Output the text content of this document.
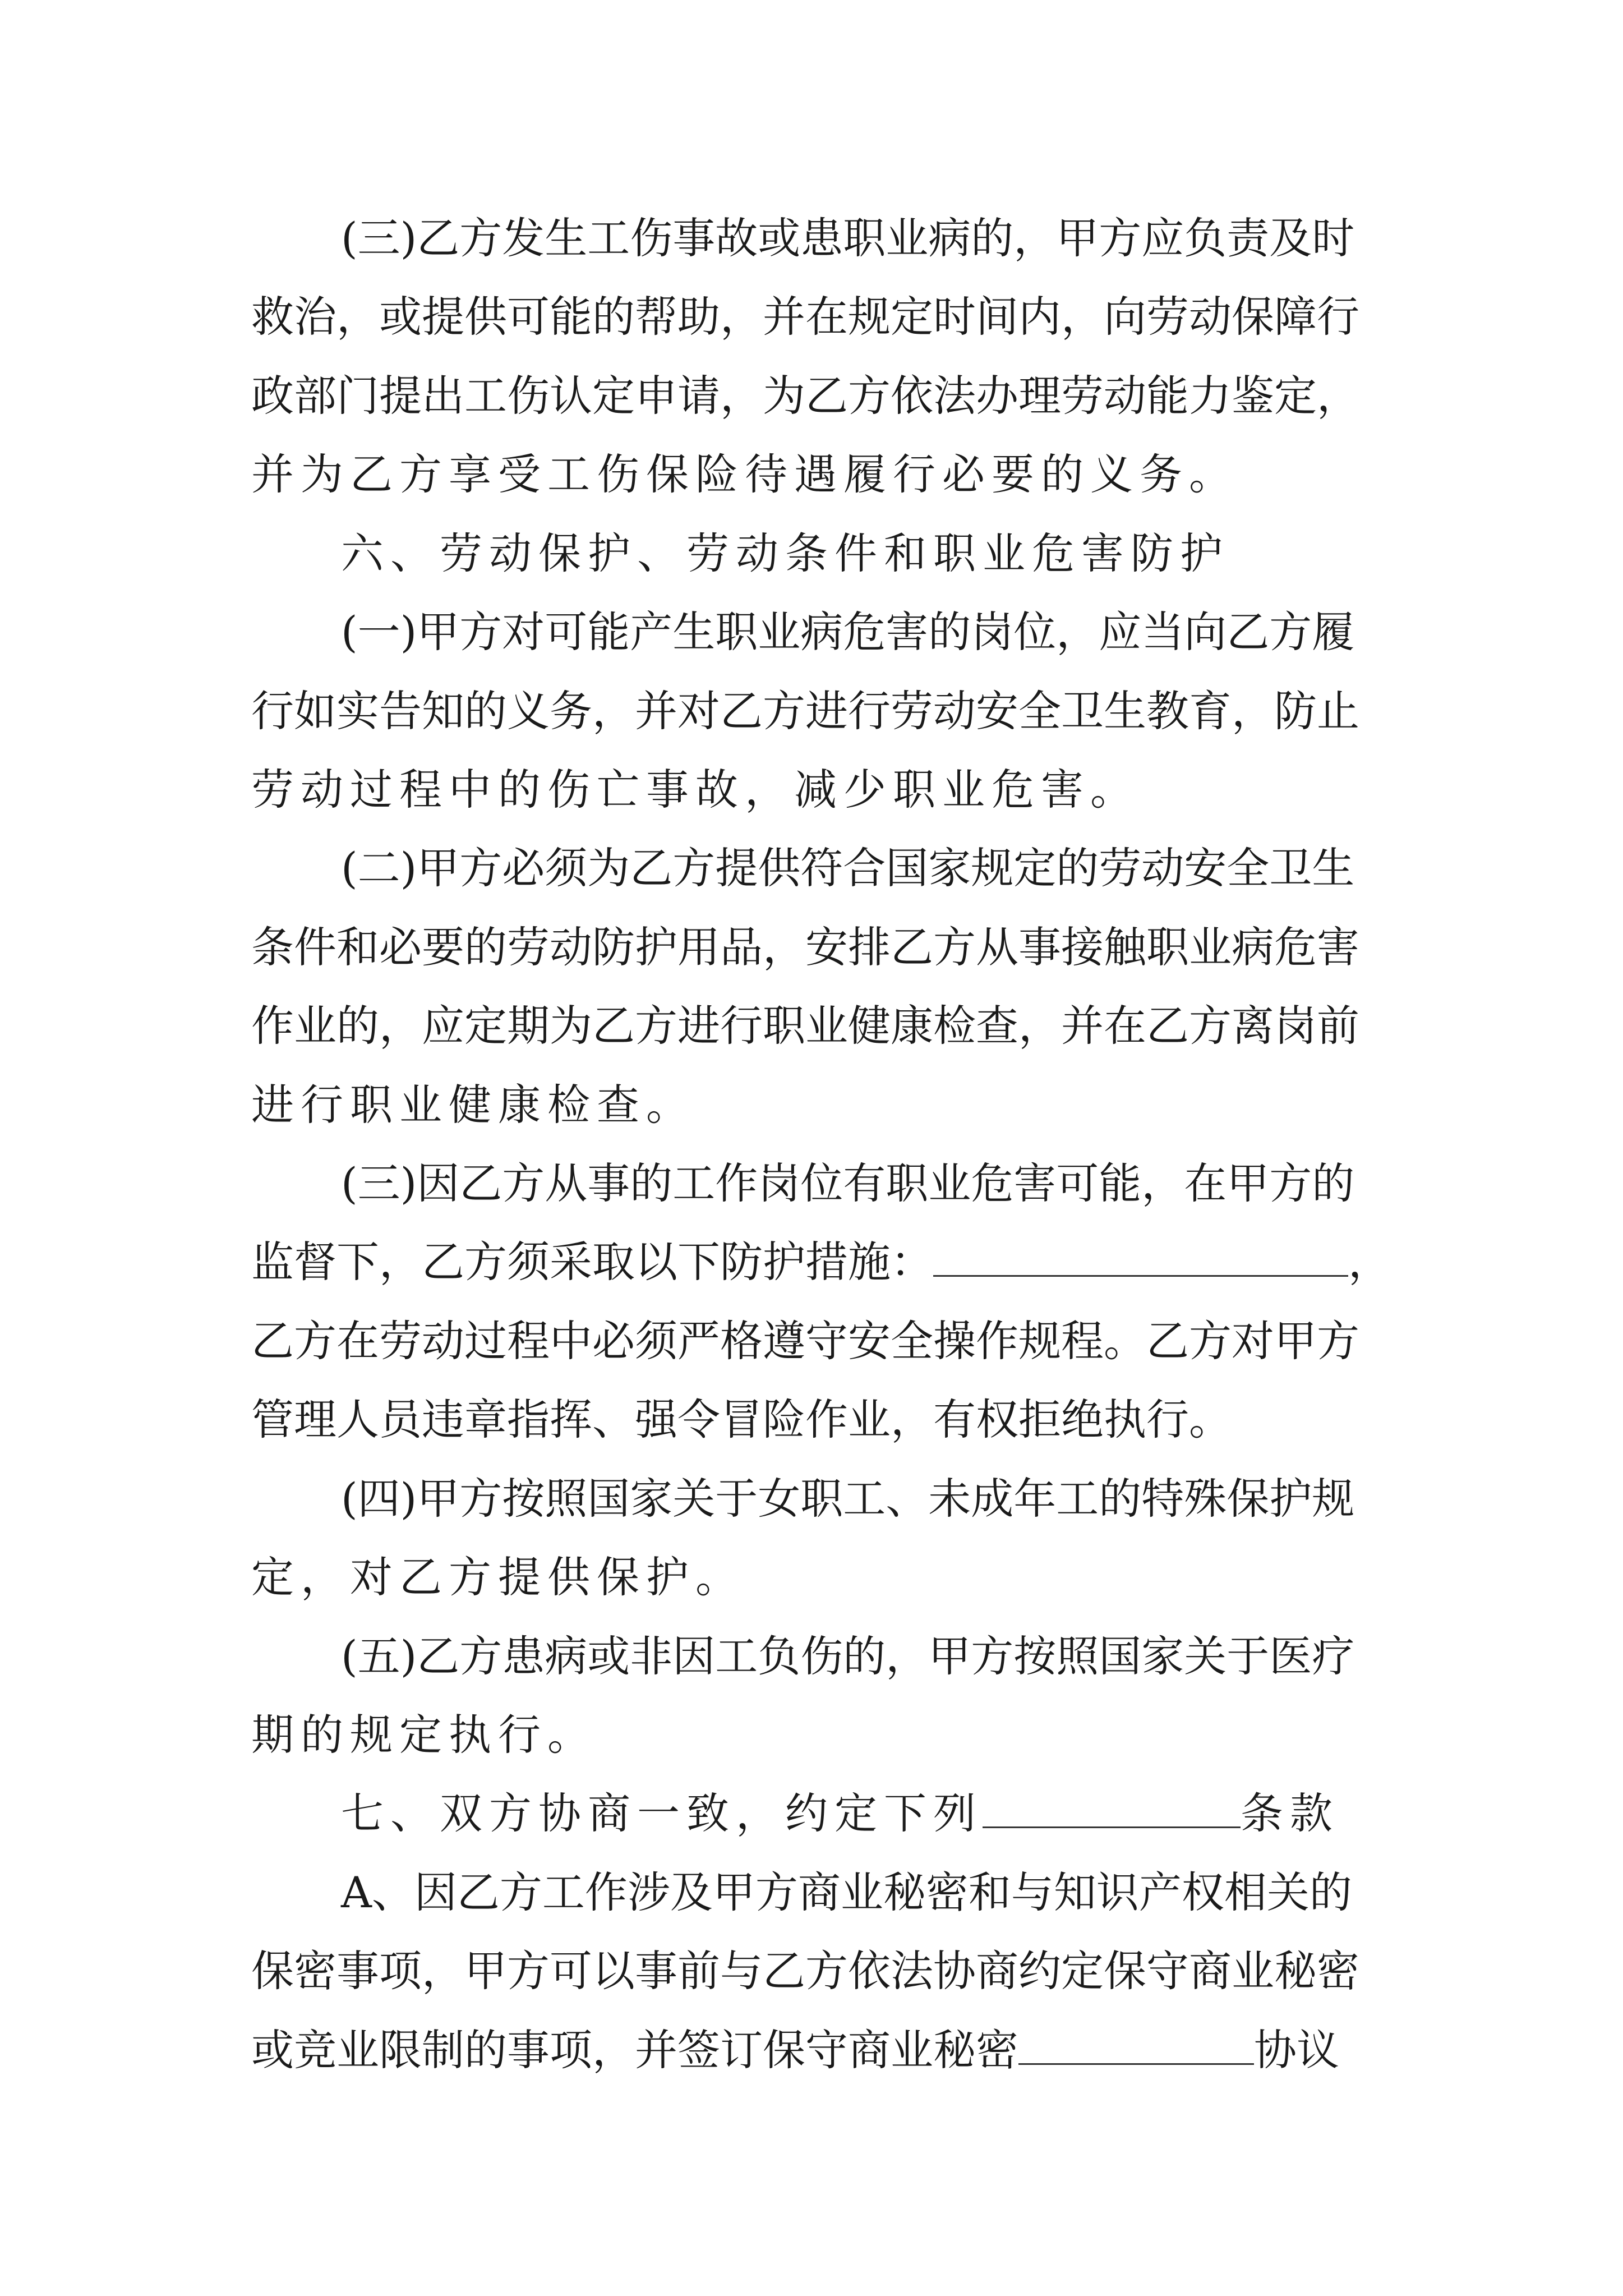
(三)乙方发生工伤事故或患职业病的，甲方应负责及时
救治，或提供可能的帮助，并在规定时间内，向劳动保障行
政部门提出工伤认定申请，为乙方依法办理劳动能力鉴定，
并为乙方享受工伤保险待遇履行必要的义务。
六、劳动保护、劳动条件和职业危害防护
(一)甲方对可能产生职业病危害的岗位，应当向乙方履
行如实告知的义务，并对乙方进行劳动安全卫生教育，防止
劳动过程中的伤亡事故，减少职业危害。
(二)甲方必须为乙方提供符合国家规定的劳动安全卫生
条件和必要的劳动防护用品，安排乙方从事接触职业病危害
作业的，应定期为乙方进行职业健康检查，并在乙方离岗前
进行职业健康检查。
(三)因乙方从事的工作岗位有职业危害可能，在甲方的
监督下，乙方须采取以下防护措施：	，
乙方在劳动过程中必须严格遵守安全操作规程。乙方对甲方
管理人员违章指挥、强令冒险作业，有权拒绝执行。
(四)甲方按照国家关于女职工、未成年工的特殊保护规
定，对乙方提供保护。
(五)乙方患病或非因工负伤的，甲方按照国家关于医疗
期的规定执行。
七、双方协商一致，约定下列	条款
A、因乙方工作涉及甲方商业秘密和与知识产权相关的
保密事项，甲方可以事前与乙方依法协商约定保守商业秘密
或竞业限制的事项，并签订保守商业秘密	协议
